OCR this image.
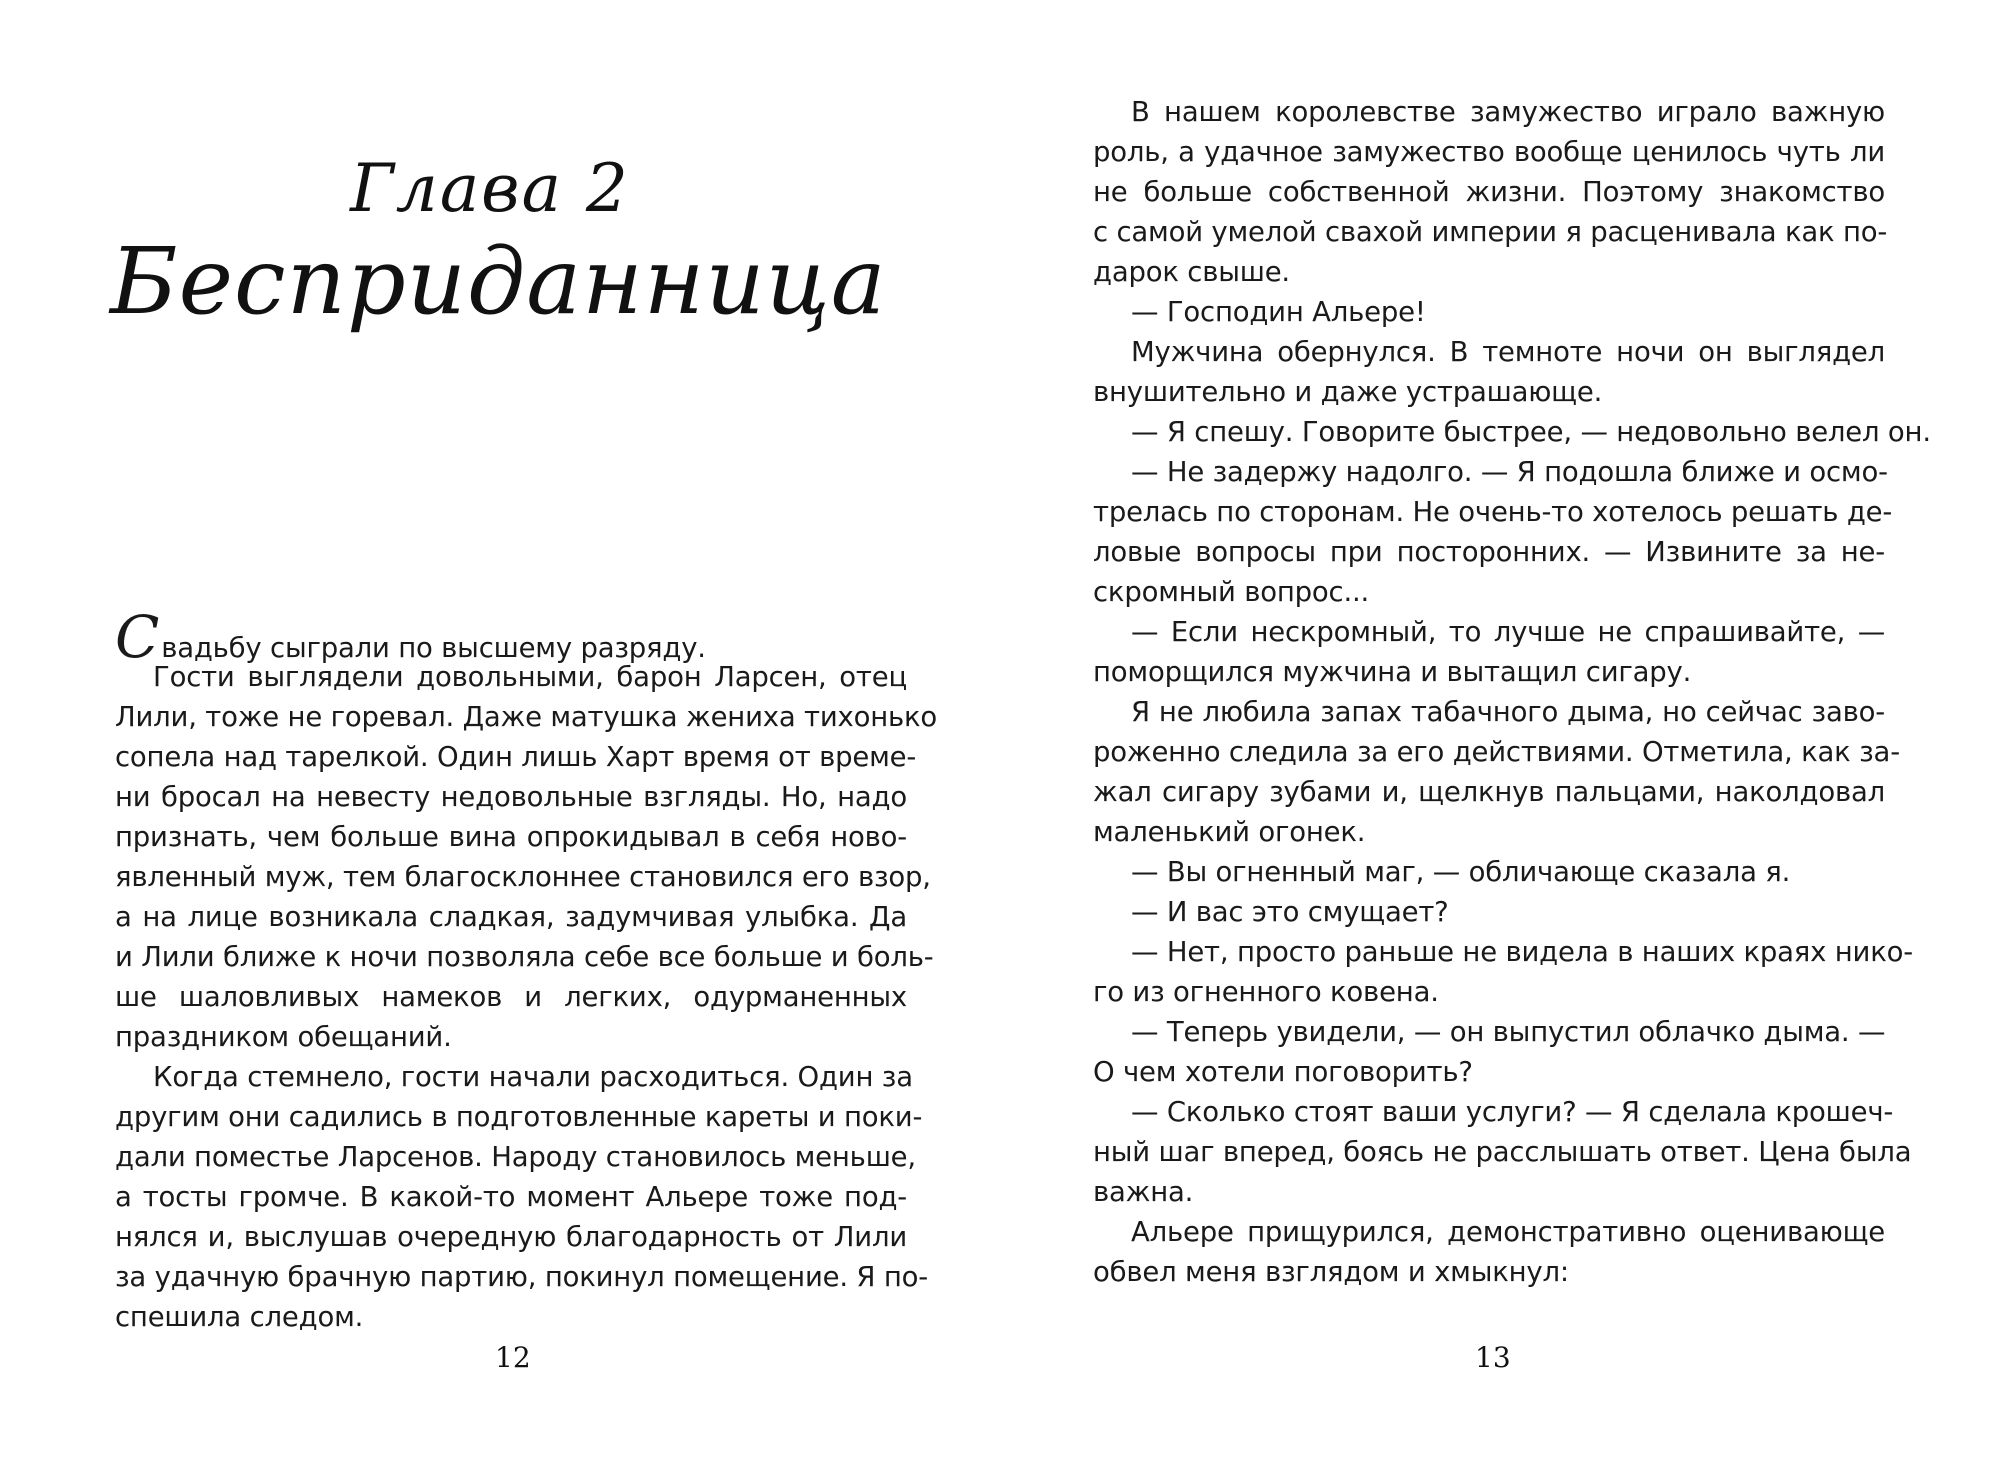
Глава 2
Бесприданница
Свадьбу сыграли по высшему разряду.
Гости выглядели довольными, барон Ларсен, отец
Лили, тоже не горевал. Даже матушка жениха тихонько
сопела над тарелкой. Один лишь Харт время от време-
ни бросал на невесту недовольные взгляды. Но, надо
признать, чем больше вина опрокидывал в себя ново-
явленный муж, тем благосклоннее становился его взор,
а на лице возникала сладкая, задумчивая улыбка. Да
и Лили ближе к ночи позволяла себе все больше и боль-
ше шаловливых намеков и легких, одурманенных
праздником обещаний.
Когда стемнело, гости начали расходиться. Один за
другим они садились в подготовленные кареты и поки-
дали поместье Ларсенов. Народу становилось меньше,
а тосты громче. В какой-то момент Альере тоже под-
нялся и, выслушав очередную благодарность от Лили
за удачную брачную партию, покинул помещение. Я по-
спешила следом.
12
В нашем королевстве замужество играло важную
роль, а удачное замужество вообще ценилось чуть ли
не больше собственной жизни. Поэтому знакомство
с самой умелой свахой империи я расценивала как по-
дарок свыше.
— Господин Альере!
Мужчина обернулся. В темноте ночи он выглядел
внушительно и даже устрашающе.
— Я спешу. Говорите быстрее, — недовольно велел он.
— Не задержу надолго. — Я подошла ближе и осмо-
трелась по сторонам. Не очень-то хотелось решать де-
ловые вопросы при посторонних. — Извините за не-
скромный вопрос...
— Если нескромный, то лучше не спрашивайте, —
поморщился мужчина и вытащил сигару.
Я не любила запах табачного дыма, но сейчас заво-
роженно следила за его действиями. Отметила, как за-
жал сигару зубами и, щелкнув пальцами, наколдовал
маленький огонек.
— Вы огненный маг, — обличающе сказала я.
— И вас это смущает?
— Нет, просто раньше не видела в наших краях нико-
го из огненного ковена.
— Теперь увидели, — он выпустил облачко дыма. —
О чем хотели поговорить?
— Сколько стоят ваши услуги? — Я сделала крошеч-
ный шаг вперед, боясь не расслышать ответ. Цена была
важна.
Альере прищурился, демонстративно оценивающе
обвел меня взглядом и хмыкнул:
13
